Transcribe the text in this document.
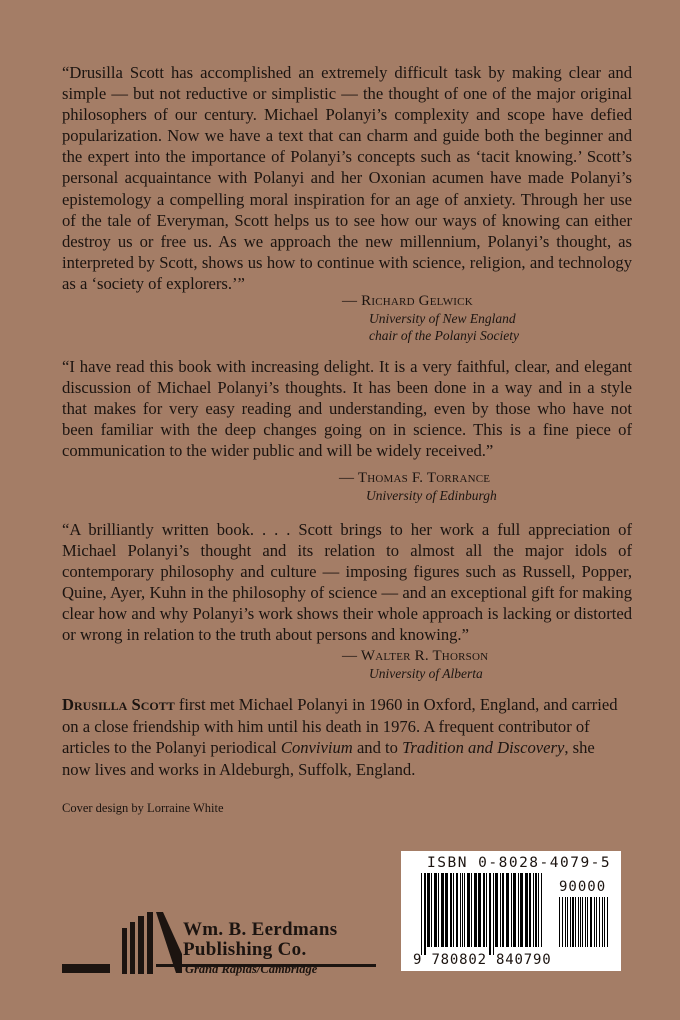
“Drusilla Scott has accomplished an extremely difficult task by making clear and simple — but not reductive or simplistic — the thought of one of the major original philosophers of our century. Michael Polanyi’s complexity and scope have defied popularization. Now we have a text that can charm and guide both the beginner and the expert into the importance of Polanyi’s concepts such as ‘tacit knowing.’ Scott’s personal acquaintance with Polanyi and her Oxonian acumen have made Polanyi’s epistemology a compelling moral inspiration for an age of anxiety. Through her use of the tale of Everyman, Scott helps us to see how our ways of knowing can either destroy us or free us. As we approach the new millennium, Polanyi’s thought, as interpreted by Scott, shows us how to continue with science, religion, and technology as a ‘society of explorers.’”

— Richard Gelwick
University of New England
chair of the Polanyi Society

“I have read this book with increasing delight. It is a very faithful, clear, and elegant discussion of Michael Polanyi’s thoughts. It has been done in a way and in a style that makes for very easy reading and understanding, even by those who have not been familiar with the deep changes going on in science. This is a fine piece of communication to the wider public and will be widely received.”

— Thomas F. Torrance
University of Edinburgh

“A brilliantly written book. . . . Scott brings to her work a full appreciation of Michael Polanyi’s thought and its relation to almost all the major idols of contemporary philosophy and culture — imposing figures such as Russell, Popper, Quine, Ayer, Kuhn in the philosophy of science — and an exceptional gift for making clear how and why Polanyi’s work shows their whole approach is lacking or distorted or wrong in relation to the truth about persons and knowing.”

— Walter R. Thorson
University of Alberta

Drusilla Scott first met Michael Polanyi in 1960 in Oxford, England, and carried on a close friendship with him until his death in 1976. A frequent contributor of articles to the Polanyi periodical Convivium and to Tradition and Discovery, she now lives and works in Aldeburgh, Suffolk, England.

Cover design by Lorraine White
ISBN 0-8028-4079-5
90000
9 780802 840790
Wm. B. Eerdmans
Publishing Co.
Grand Rapids/Cambridge
